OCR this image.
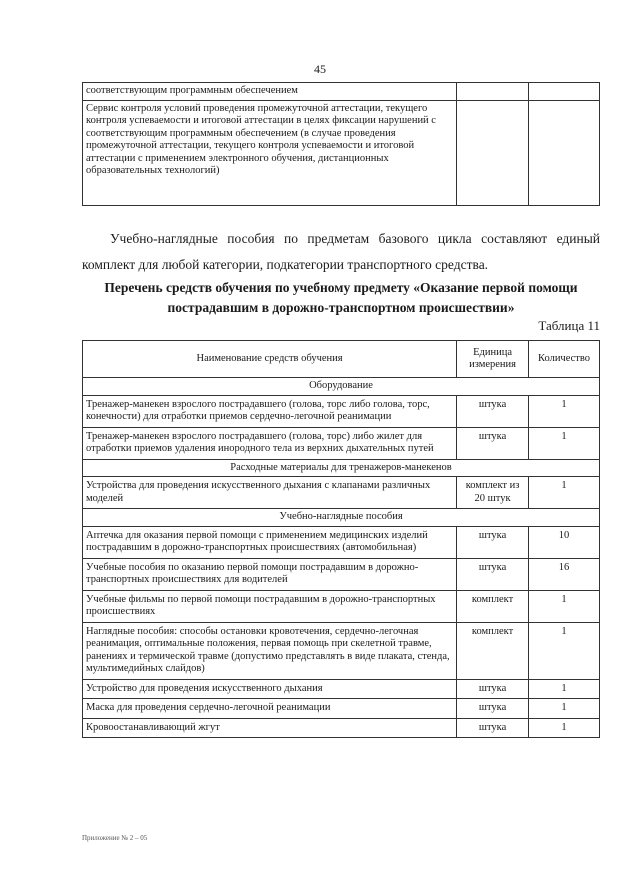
45
соответствующим программным обеспечением		
Сервис контроля условий проведения промежуточной аттестации, текущего контроля успеваемости и итоговой аттестации в целях фиксации нарушений с соответствующим программным обеспечением (в случае проведения промежуточной аттестации, текущего контроля успеваемости и итоговой аттестации с применением электронного обучения, дистанционных образовательных технологий)		
Учебно-наглядные пособия по предметам базового цикла составляют единый комплект для любой категории, подкатегории транспортного средства.
Перечень средств обучения по учебному предмету «Оказание первой помощи пострадавшим в дорожно-транспортном происшествии»
Таблица 11
Наименование средств обучения	Единица измерения	Количество
Оборудование		
Тренажер-манекен взрослого пострадавшего (голова, торс либо голова, торс, конечности) для отработки приемов сердечно-легочной реанимации	штука	1
Тренажер-манекен взрослого пострадавшего (голова, торс) либо жилет для отработки приемов удаления инородного тела из верхних дыхательных путей	штука	1
Расходные материалы для тренажеров-манекенов		
Устройства для проведения искусственного дыхания с клапанами различных моделей	комплект из 20 штук	1
Учебно-наглядные пособия		
Аптечка для оказания первой помощи с применением медицинских изделий пострадавшим в дорожно-транспортных происшествиях (автомобильная)	штука	10
Учебные пособия по оказанию первой помощи пострадавшим в дорожно-транспортных происшествиях для водителей	штука	16
Учебные фильмы по первой помощи пострадавшим в дорожно-транспортных происшествиях	комплект	1
Наглядные пособия: способы остановки кровотечения, сердечно-легочная реанимация, оптимальные положения, первая помощь при скелетной травме, ранениях и термической травме (допустимо представлять в виде плаката, стенда, мультимедийных слайдов)	комплект	1
Устройство для проведения искусственного дыхания	штука	1
Маска для проведения сердечно-легочной реанимации	штука	1
Кровоостанавливающий жгут	штука	1
Приложение № 2 – 05
